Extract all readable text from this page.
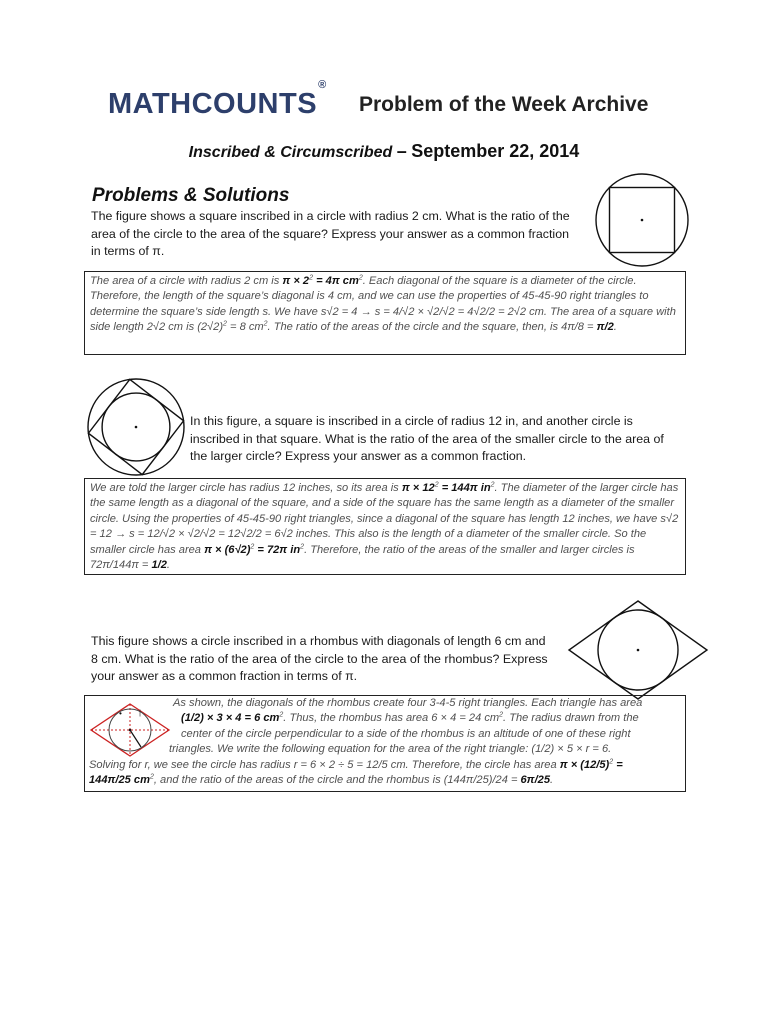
MATHCOUNTS®
Problem of the Week Archive
Inscribed & Circumscribed – September 22, 2014
Problems & Solutions
The figure shows a square inscribed in a circle with radius 2 cm. What is the ratio of the area of the circle to the area of the square? Express your answer as a common fraction in terms of π.
The area of a circle with radius 2 cm is $\pi \times 2^2 = 4\pi$ $cm^2$. Each diagonal of the square is a diameter of the circle. Therefore, the length of the square’s diagonal is 4 cm, and we can use the properties of 45-45-90 right triangles to determine the square’s side length s. We have s√2 = 4 → s = 4/√2 × √2/√2 = 4√2/2 = 2√2 cm. The area of a square with side length 2√2 cm is $(2√2)^2 = 8$ $cm^2$. The ratio of the areas of the circle and the square, then, is 4π/8 = π/2.
In this figure, a square is inscribed in a circle of radius 12 in, and another circle is inscribed in that square. What is the ratio of the area of the smaller circle to the area of the larger circle? Express your answer as a common fraction.
We are told the larger circle has radius 12 inches, so its area is $\pi \times 12^2 = 144\pi$ $in^2$. The diameter of the larger circle has the same length as a diagonal of the square, and a side of the square has the same length as a diameter of the smaller circle. Using the properties of 45-45-90 right triangles, since a diagonal of the square has length 12 inches, we have s√2 = 12 → s = 12/√2 × √2/√2 = 12√2/2 = 6√2 inches. This also is the length of a diameter of the smaller circle. So the smaller circle has area $\pi \times (6√2)^2 = 72\pi$ $in^2$. Therefore, the ratio of the areas of the smaller and larger circles is 72π/144π = 1/2.
This figure shows a circle inscribed in a rhombus with diagonals of length 6 cm and 8 cm. What is the ratio of the area of the circle to the area of the rhombus? Express your answer as a common fraction in terms of π.
• |
As shown, the diagonals of the rhombus create four 3-4-5 right triangles. Each triangle has area
(1/2) × 3 × 4 = 6 $cm^2$. Thus, the rhombus has area 6 × 4 = 24 $cm^2$. The radius drawn from the
center of the circle perpendicular to a side of the rhombus is an altitude of one of these right
triangles. We write the following equation for the area of the right triangle: (1/2) × 5 × r = 6.
Solving for r, we see the circle has radius r = 6 × 2 ÷ 5 = 12/5 cm. Therefore, the circle has area $\pi \times (12/5)^2$ =
144π/25 $cm^2$, and the ratio of the areas of the circle and the rhombus is (144π/25)/24 = 6π/25.
